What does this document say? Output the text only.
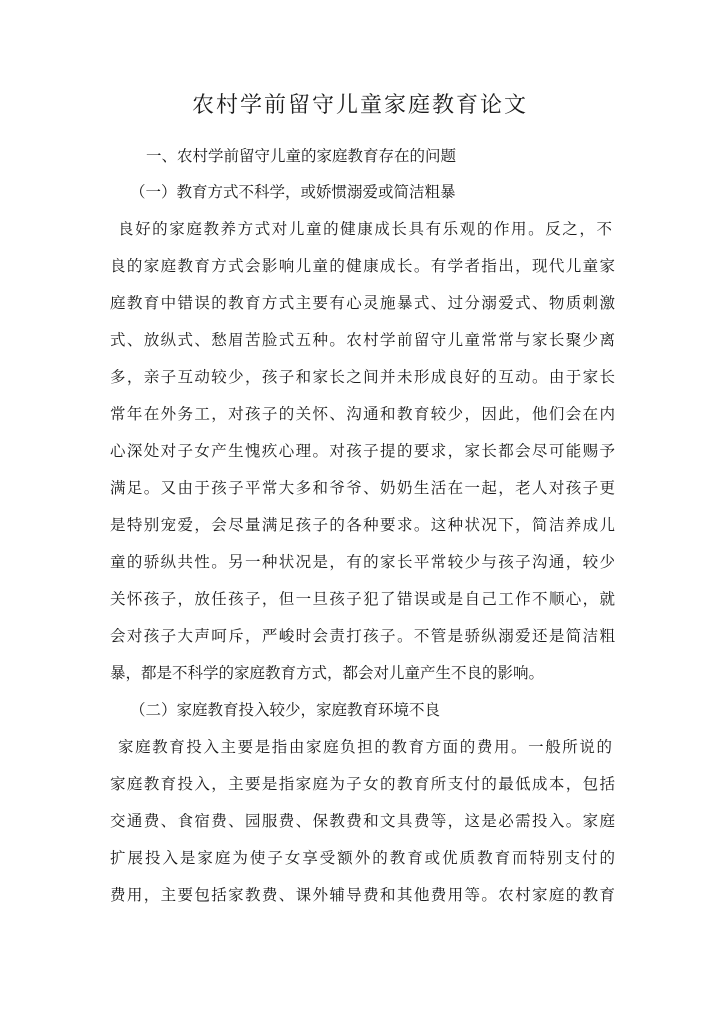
农村学前留守儿童家庭教育论文
一、农村学前留守儿童的家庭教育存在的问题
（一）教育方式不科学，或娇惯溺爱或简洁粗暴
良好的家庭教养方式对儿童的健康成长具有乐观的作用。反之，不
良的家庭教育方式会影响儿童的健康成长。有学者指出，现代儿童家
庭教育中错误的教育方式主要有心灵施暴式、过分溺爱式、物质刺激
式、放纵式、愁眉苦脸式五种。农村学前留守儿童常常与家长聚少离
多，亲子互动较少，孩子和家长之间并未形成良好的互动。由于家长
常年在外务工，对孩子的关怀、沟通和教育较少，因此，他们会在内
心深处对子女产生愧疚心理。对孩子提的要求，家长都会尽可能赐予
满足。又由于孩子平常大多和爷爷、奶奶生活在一起，老人对孩子更
是特别宠爱，会尽量满足孩子的各种要求。这种状况下，简洁养成儿
童的骄纵共性。另一种状况是，有的家长平常较少与孩子沟通，较少
关怀孩子，放任孩子，但一旦孩子犯了错误或是自己工作不顺心，就
会对孩子大声呵斥，严峻时会责打孩子。不管是骄纵溺爱还是简洁粗
暴，都是不科学的家庭教育方式，都会对儿童产生不良的影响。
（二）家庭教育投入较少，家庭教育环境不良
家庭教育投入主要是指由家庭负担的教育方面的费用。一般所说的
家庭教育投入，主要是指家庭为子女的教育所支付的最低成本，包括
交通费、食宿费、园服费、保教费和文具费等，这是必需投入。家庭
扩展投入是家庭为使子女享受额外的教育或优质教育而特别支付的
费用，主要包括家教费、课外辅导费和其他费用等。农村家庭的教育
